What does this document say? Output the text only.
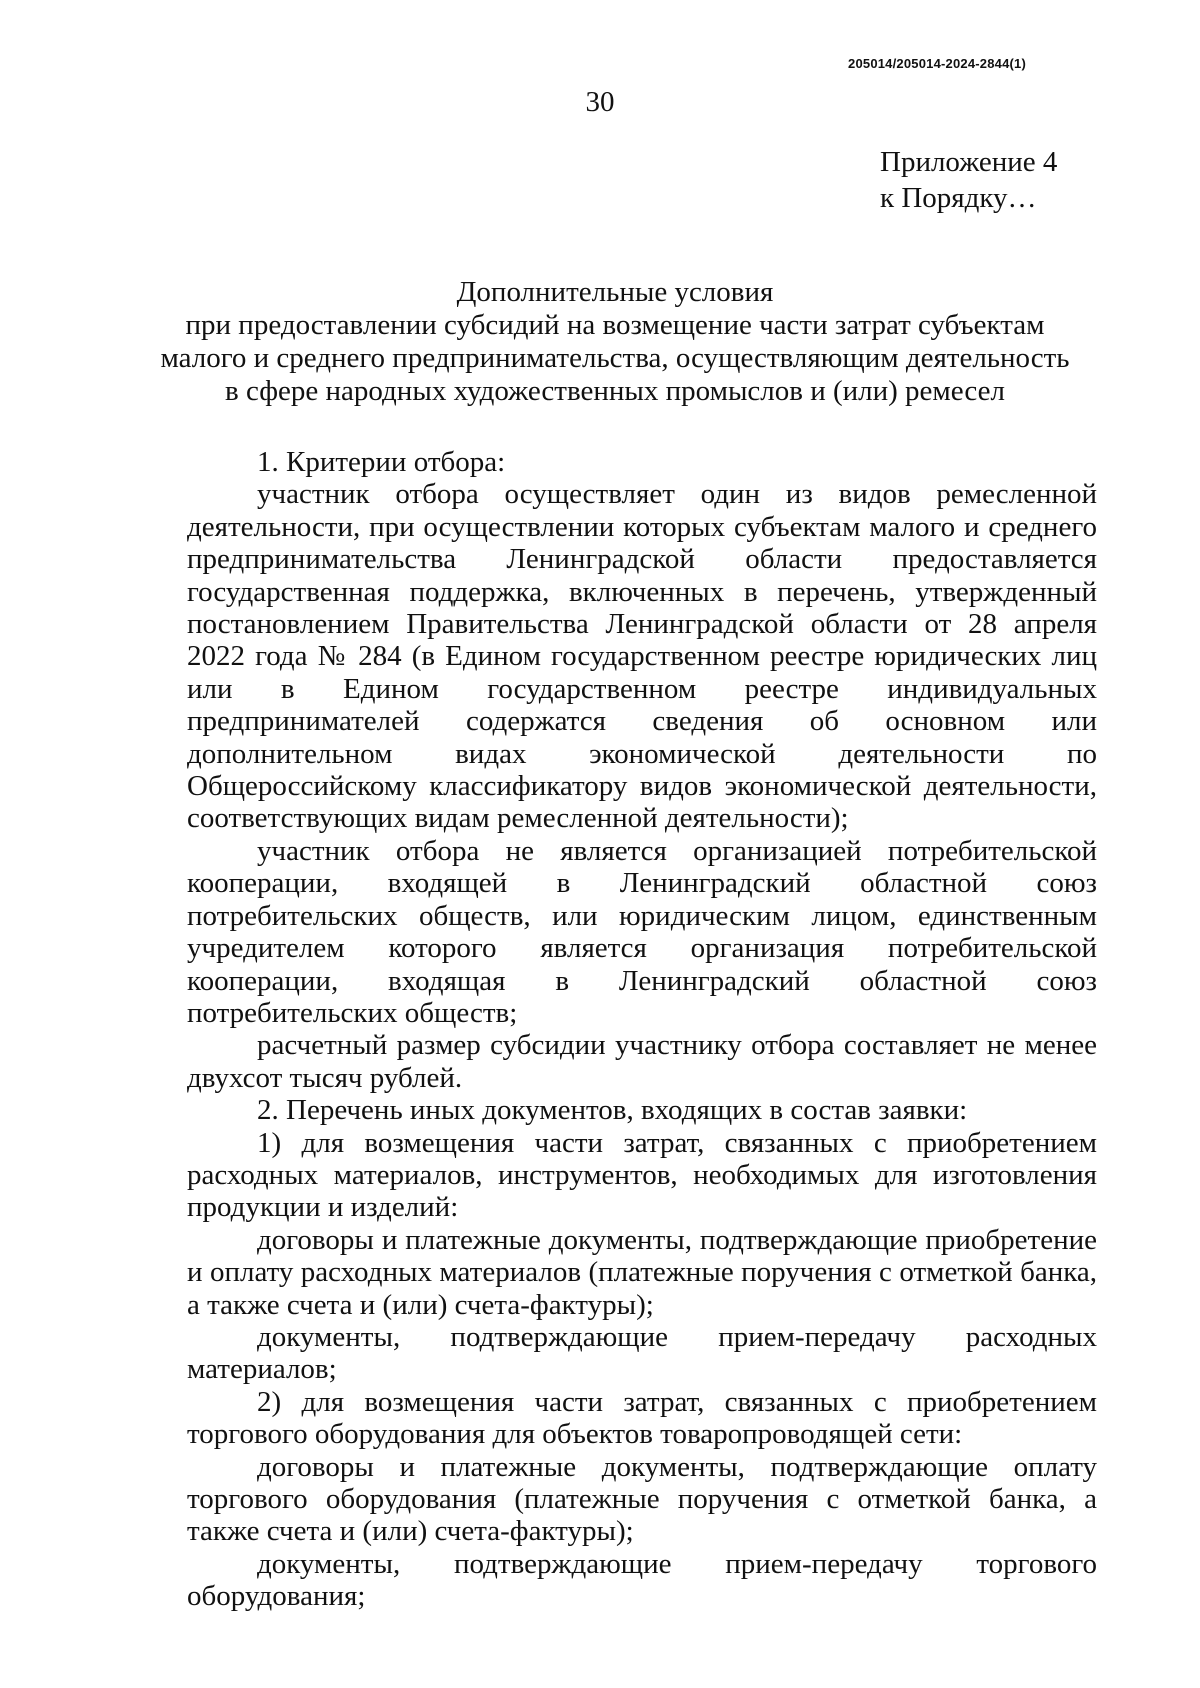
205014/205014-2024-2844(1)
30
Приложение 4
к Порядку…
Дополнительные условия
при предоставлении субсидий на возмещение части затрат субъектам
малого и среднего предпринимательства, осуществляющим деятельность
в сфере народных художественных промыслов и (или) ремесел

1. Критерии отбора:

участник отбора осуществляет один из видов ремесленной деятельности, при осуществлении которых субъектам малого и среднего предпринимательства Ленинградской области предоставляется государственная поддержка, включенных в перечень, утвержденный постановлением Правительства Ленинградской области от 28 апреля 2022 года № 284 (в Едином государственном реестре юридических лиц или в Едином государственном реестре индивидуальных предпринимателей содержатся сведения об основном или дополнительном видах экономической деятельности по Общероссийскому классификатору видов экономической деятельности, соответствующих видам ремесленной деятельности);

участник отбора не является организацией потребительской кооперации, входящей в Ленинградский областной союз потребительских обществ, или юридическим лицом, единственным учредителем которого является организация потребительской кооперации, входящая в Ленинградский областной союз потребительских обществ;

расчетный размер субсидии участнику отбора составляет не менее двухсот тысяч рублей.

2. Перечень иных документов, входящих в состав заявки:

1) для возмещения части затрат, связанных с приобретением расходных материалов, инструментов, необходимых для изготовления продукции и изделий:

договоры и платежные документы, подтверждающие приобретение и оплату расходных материалов (платежные поручения с отметкой банка, а также счета и (или) счета-фактуры);

документы, подтверждающие прием-передачу расходных материалов;

2) для возмещения части затрат, связанных с приобретением торгового оборудования для объектов товаропроводящей сети:

договоры и платежные документы, подтверждающие оплату торгового оборудования (платежные поручения с отметкой банка, а также счета и (или) счета-фактуры);

документы, подтверждающие прием-передачу торгового оборудования;
